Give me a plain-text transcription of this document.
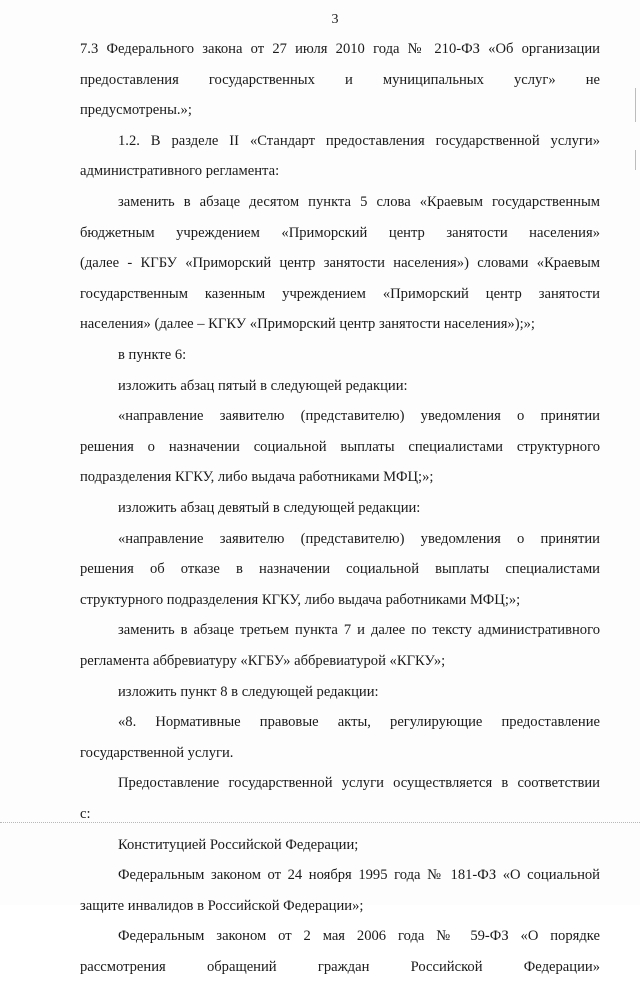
3

7.3 Федерального закона от 27 июля 2010 года № 210-ФЗ «Об организации
предоставления государственных и муниципальных услуг» не
предусмотрены.»;

1.2. В разделе II «Стандарт предоставления государственной услуги»
административного регламента:

заменить в абзаце десятом пункта 5 слова «Краевым государственным
бюджетным учреждением «Приморский центр занятости населения»
(далее - КГБУ «Приморский центр занятости населения») словами «Краевым
государственным казенным учреждением «Приморский центр занятости
населения» (далее – КГКУ «Приморский центр занятости населения»);»;

в пункте 6:

изложить абзац пятый в следующей редакции:

«направление заявителю (представителю) уведомления о принятии
решения о назначении социальной выплаты специалистами структурного
подразделения КГКУ, либо выдача работниками МФЦ;»;

изложить абзац девятый в следующей редакции:

«направление заявителю (представителю) уведомления о принятии
решения об отказе в назначении социальной выплаты специалистами
структурного подразделения КГКУ, либо выдача работниками МФЦ;»;

заменить в абзаце третьем пункта 7 и далее по тексту административного
регламента аббревиатуру «КГБУ» аббревиатурой «КГКУ»;

изложить пункт 8 в следующей редакции:

«8. Нормативные правовые акты, регулирующие предоставление
государственной услуги.

Предоставление государственной услуги осуществляется в соответствии
с:

Конституцией Российской Федерации;

Федеральным законом от 24 ноября 1995 года № 181-ФЗ «О социальной
защите инвалидов в Российской Федерации»;

Федеральным законом от 2 мая 2006 года № 59-ФЗ «О порядке
рассмотрения обращений граждан Российской Федерации»
